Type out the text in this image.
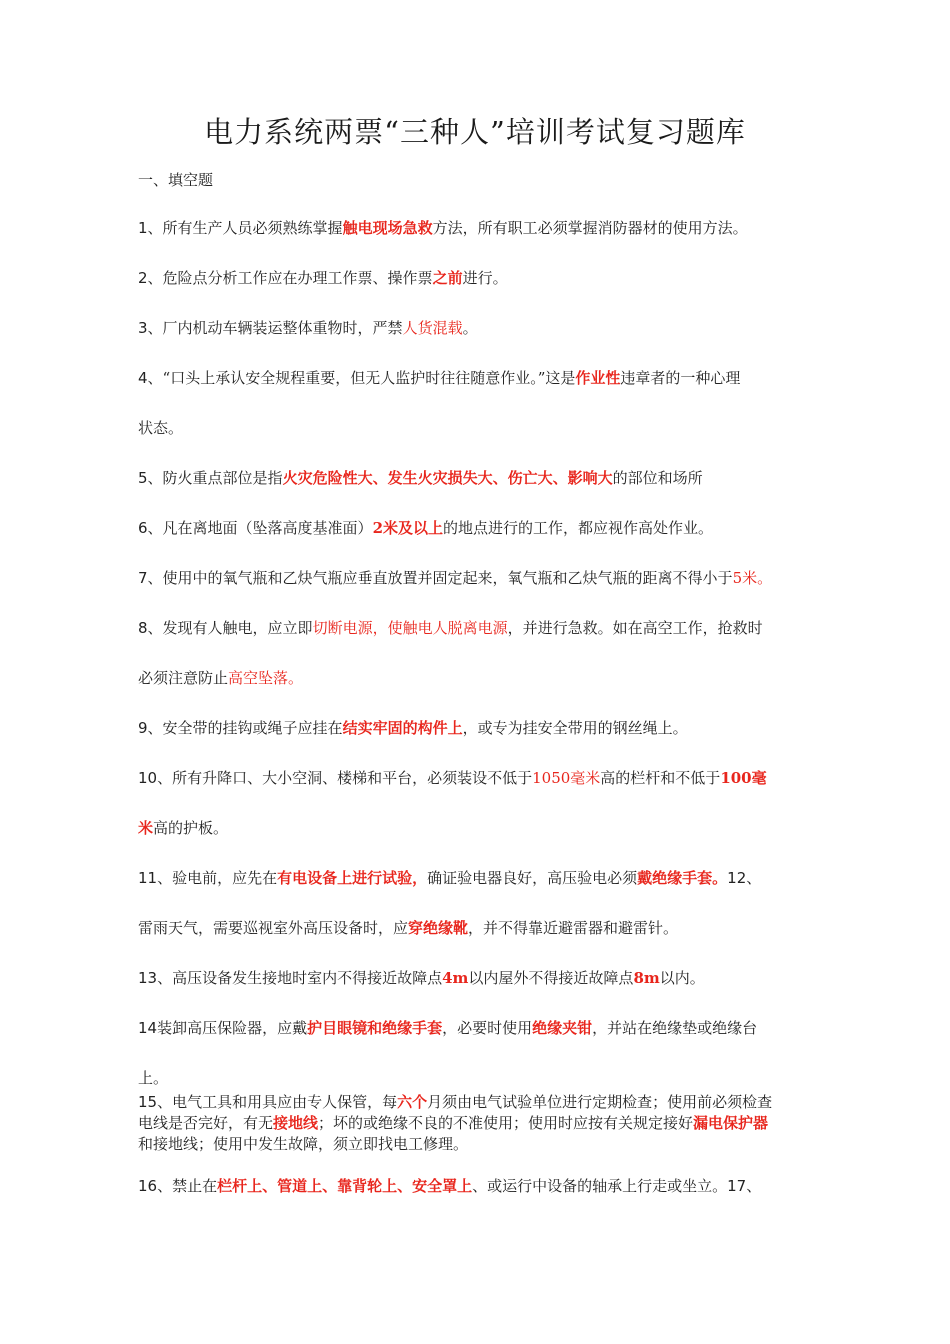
电力系统两票“三种人”培训考试复习题库
一、填空题
1、所有生产人员必须熟练掌握触电现场急救方法，所有职工必须掌握消防器材的使用方法。
2、危险点分析工作应在办理工作票、操作票之前进行。
3、厂内机动车辆装运整体重物时，严禁人货混载。
4、“口头上承认安全规程重要，但无人监护时往往随意作业。”这是作业性违章者的一种心理
状态。
5、防火重点部位是指火灾危险性大、发生火灾损失大、伤亡大、影响大的部位和场所
6、凡在离地面（坠落高度基准面）2米及以上的地点进行的工作，都应视作高处作业。
7、使用中的氧气瓶和乙炔气瓶应垂直放置并固定起来，氧气瓶和乙炔气瓶的距离不得小于5米。
8、发现有人触电，应立即切断电源，使触电人脱离电源，并进行急救。如在高空工作，抢救时
必须注意防止高空坠落。
9、安全带的挂钩或绳子应挂在结实牢固的构件上，或专为挂安全带用的钢丝绳上。
10、所有升降口、大小空洞、楼梯和平台，必须装设不低于1050毫米高的栏杆和不低于100毫
米高的护板。
11、验电前，应先在有电设备上进行试验，确证验电器良好，高压验电必须戴绝缘手套。12、
雷雨天气，需要巡视室外高压设备时，应穿绝缘靴，并不得靠近避雷器和避雷针。
13、高压设备发生接地时室内不得接近故障点4m以内屋外不得接近故障点8m以内。
14装卸高压保险器，应戴护目眼镜和绝缘手套，必要时使用绝缘夹钳，并站在绝缘垫或绝缘台
上。
15、电气工具和用具应由专人保管，每六个月须由电气试验单位进行定期检查；使用前必须检查
电线是否完好，有无接地线；坏的或绝缘不良的不准使用；使用时应按有关规定接好漏电保护器
和接地线；使用中发生故障，须立即找电工修理。
16、禁止在栏杆上、管道上、靠背轮上、安全罩上、或运行中设备的轴承上行走或坐立。17、
